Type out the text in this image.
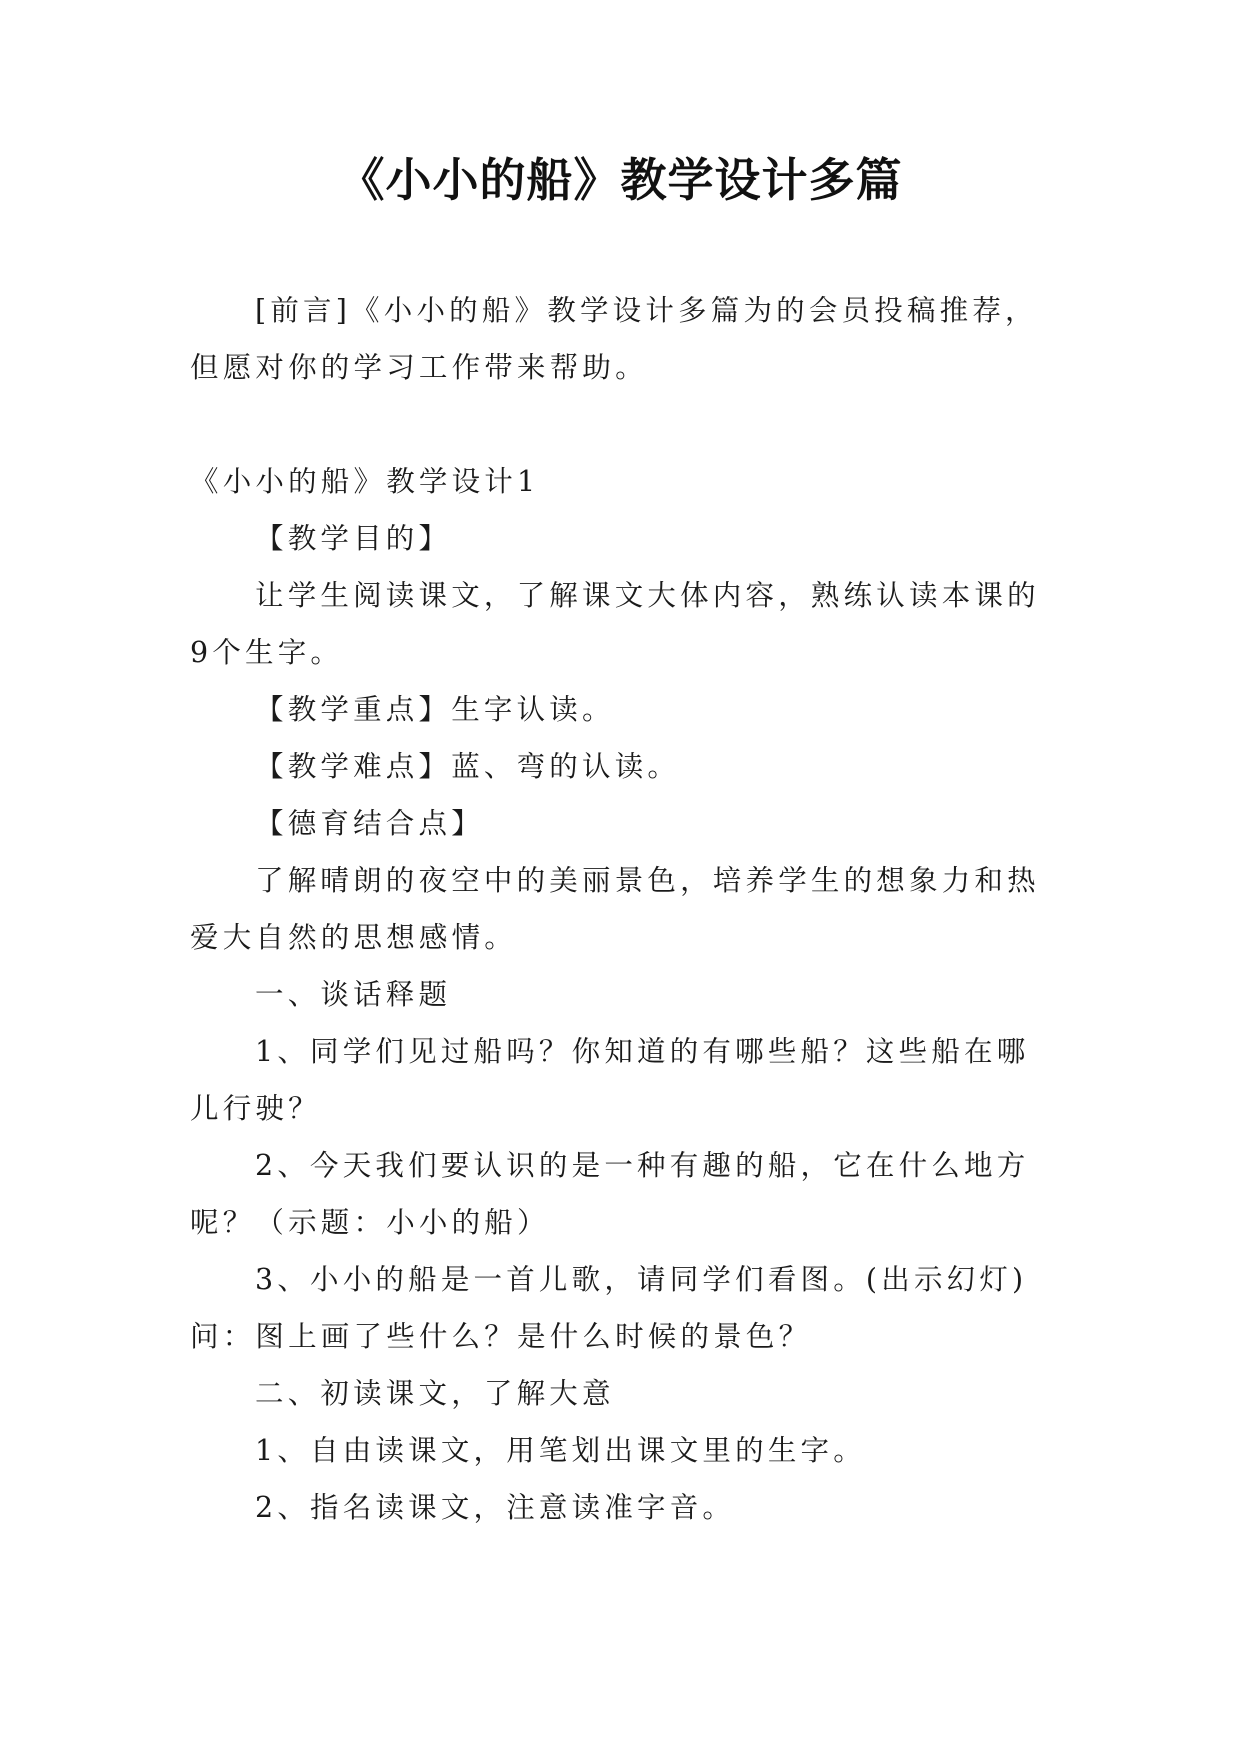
《小小的船》教学设计多篇

[前言]《小小的船》教学设计多篇为的会员投稿推荐，但愿对你的学习工作带来帮助。

《小小的船》教学设计1

【教学目的】

让学生阅读课文，了解课文大体内容，熟练认读本课的9个生字。

【教学重点】生字认读。

【教学难点】蓝、弯的认读。

【德育结合点】

了解晴朗的夜空中的美丽景色，培养学生的想象力和热爱大自然的思想感情。

一、谈话释题

1、同学们见过船吗？你知道的有哪些船？这些船在哪儿行驶？

2、今天我们要认识的是一种有趣的船，它在什么地方呢？（示题：小小的船）

3、小小的船是一首儿歌，请同学们看图。(出示幻灯)问：图上画了些什么？是什么时候的景色？

二、初读课文，了解大意

1、自由读课文，用笔划出课文里的生字。

2、指名读课文，注意读准字音。
